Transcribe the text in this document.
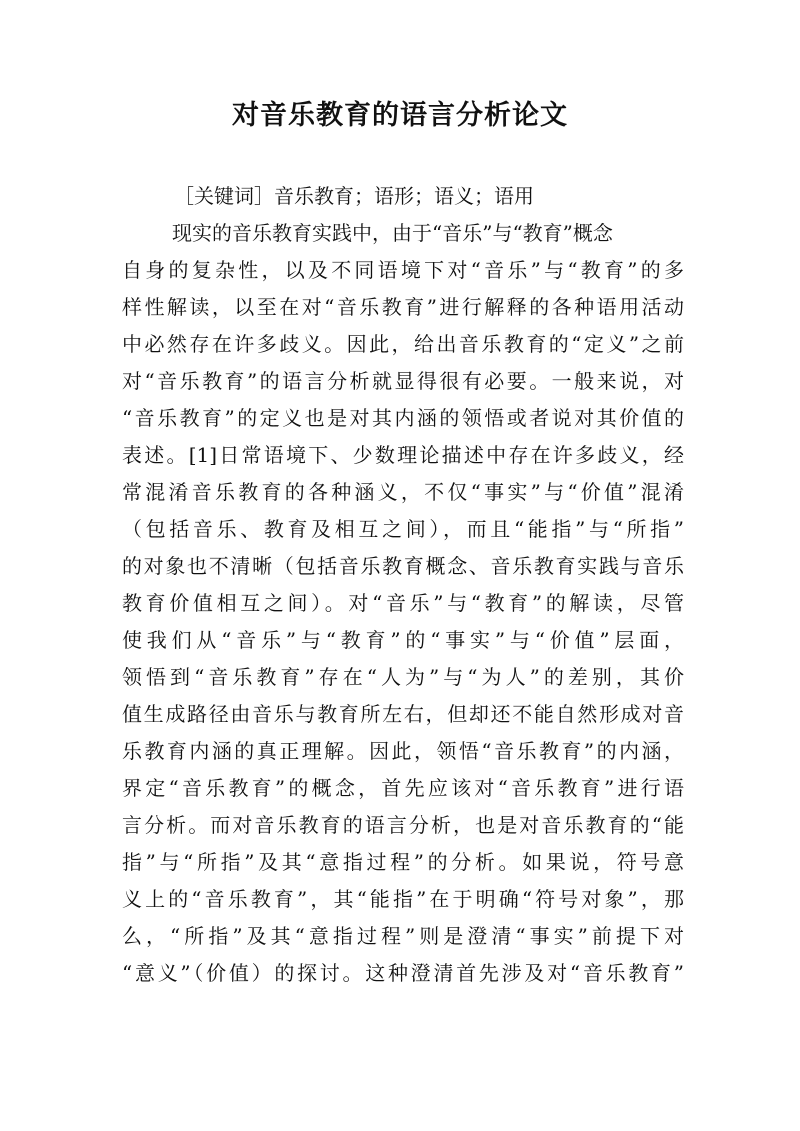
对音乐教育的语言分析论文
［关键词］音乐教育；语形；语义；语用
现实的音乐教育实践中，由于“音乐”与“教育”概念
自身的复杂性，以及不同语境下对“音乐”与“教育”的多
样性解读，以至在对“音乐教育”进行解释的各种语用活动
中必然存在许多歧义。因此，给出音乐教育的“定义”之前
对“音乐教育”的语言分析就显得很有必要。一般来说，对
“音乐教育”的定义也是对其内涵的领悟或者说对其价值的
表述。[1]日常语境下、少数理论描述中存在许多歧义，经
常混淆音乐教育的各种涵义，不仅“事实”与“价值”混淆
（包括音乐、教育及相互之间），而且“能指”与“所指”
的对象也不清晰（包括音乐教育概念、音乐教育实践与音乐
教育价值相互之间）。对“音乐”与“教育”的解读，尽管
使我们从“音乐”与“教育”的“事实”与“价值”层面，
领悟到“音乐教育”存在“人为”与“为人”的差别，其价
值生成路径由音乐与教育所左右，但却还不能自然形成对音
乐教育内涵的真正理解。因此，领悟“音乐教育”的内涵，
界定“音乐教育”的概念，首先应该对“音乐教育”进行语
言分析。而对音乐教育的语言分析，也是对音乐教育的“能
指”与“所指”及其“意指过程”的分析。如果说，符号意
义上的“音乐教育”，其“能指”在于明确“符号对象”，那
么，“所指”及其“意指过程”则是澄清“事实”前提下对
“意义”（价值）的探讨。这种澄清首先涉及对“音乐教育”
